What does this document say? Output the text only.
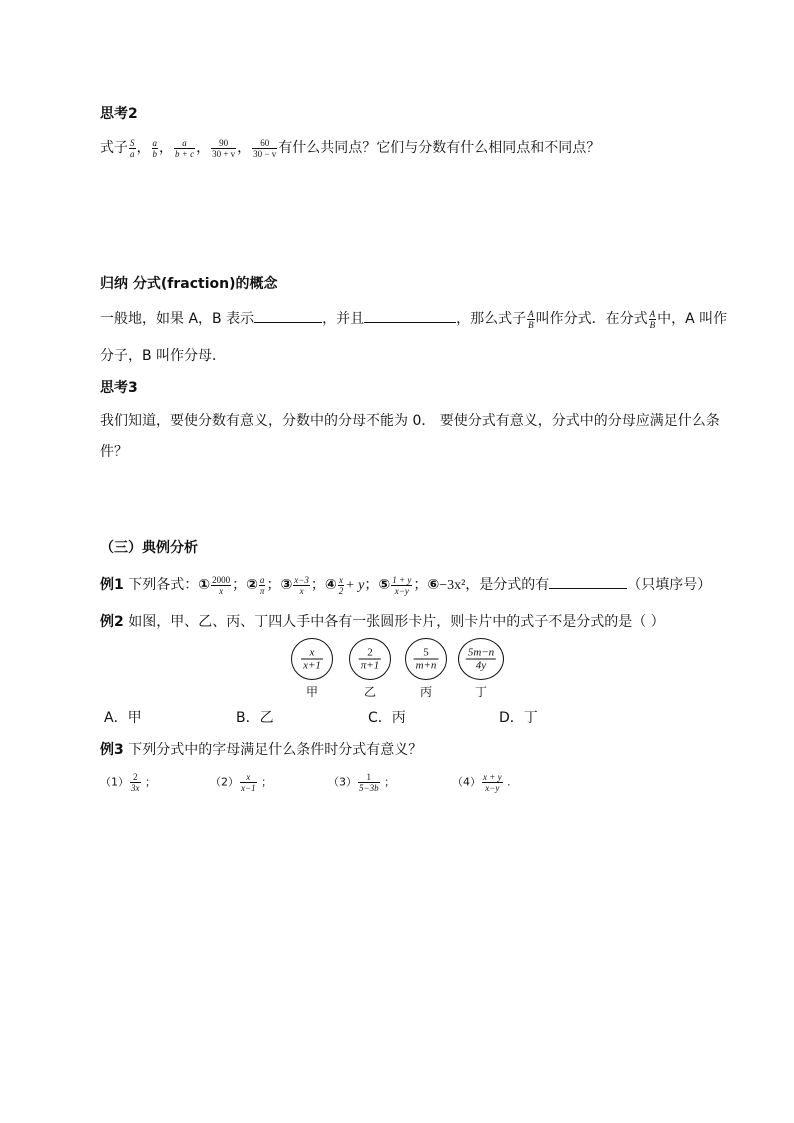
思考2
式子 $\frac{S}{a}$ ， $\frac{a}{b}$ ， $\frac{a}{b + c}$ ， $\frac{90}{30 + v}$ ， $\frac{60}{30 - v}$ 有什么共同点？它们与分数有什么相同点和不同点？
归纳 分式(fraction)的概念
一般地，如果 A，B 表示	，并且	，那么式子 $\frac{A}{B}$ 叫作分式．在分式 $\frac{A}{B}$ 中，A 叫作
分子，B 叫作分母．
思考3
我们知道，要使分数有意义，分数中的分母不能为 0． 要使分式有意义，分式中的分母应满足什么条
件？
（三）典例分析
例1 下列各式：① $\frac{2000}{x}$ ；② $\frac{a}{\pi}$ ；③ $\frac{x-3}{x}$ ；④ $\frac{x}{2} + y$；⑤ $\frac{1 + y}{x-y}$ ；⑥−3x²，是分式的有	（只填序号）
例2 如图，甲、乙、丙、丁四人手中各有一张圆形卡片，则卡片中的式子不是分式的是（ ）
x
x+1
2
π+1
5
m+n
5m−n
4y
甲	乙	丙	丁
A．甲	B．乙	C．丙	D．丁
例3 下列分式中的字母满足什么条件时分式有意义？
$(1) \frac{2}{3x}$ ；	$(2) \frac{x}{x-1}$ ；	$(3) \frac{1}{5-3b}$ ；	$(4) \frac{x + y}{x-y}$ .
